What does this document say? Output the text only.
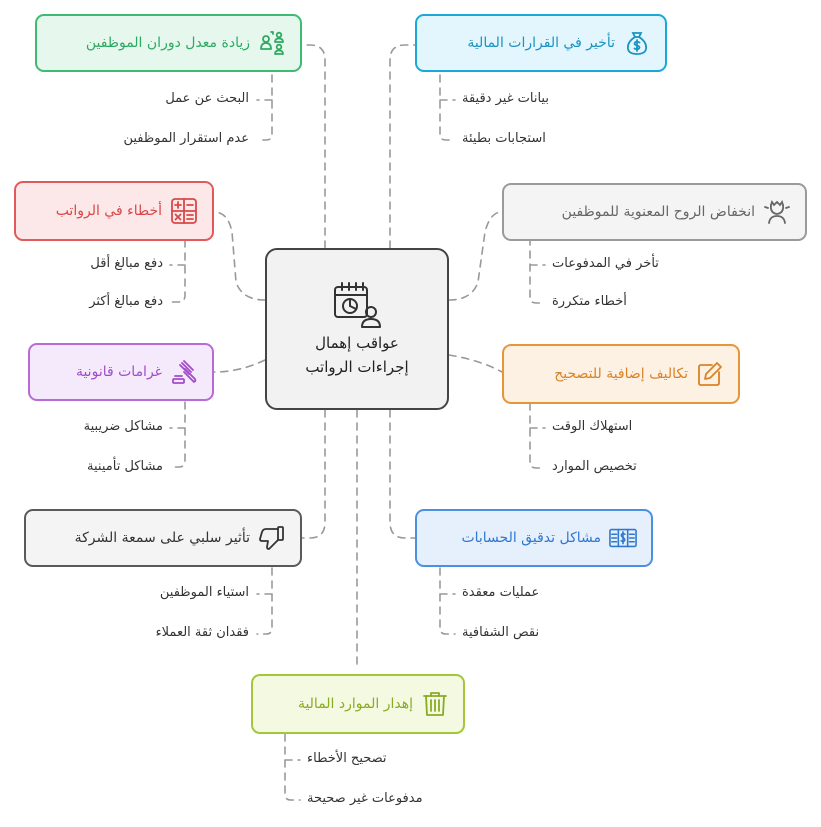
عواقب إهمال
إجراءات الرواتب
تأخير في القرارات المالية
بيانات غير دقيقة
استجابات بطيئة
انخفاض الروح المعنوية للموظفين
تأخر في المدفوعات
أخطاء متكررة
تكاليف إضافية للتصحيح
استهلاك الوقت
تخصيص الموارد
مشاكل تدقيق الحسابات
عمليات معقدة
نقص الشفافية
إهدار الموارد المالية
تصحيح الأخطاء
مدفوعات غير صحيحة
زيادة معدل دوران الموظفين
البحث عن عمل
عدم استقرار الموظفين
أخطاء في الرواتب
دفع مبالغ أقل
دفع مبالغ أكثر
غرامات قانونية
مشاكل ضريبية
مشاكل تأمينية
تأثير سلبي على سمعة الشركة
استياء الموظفين
فقدان ثقة العملاء
